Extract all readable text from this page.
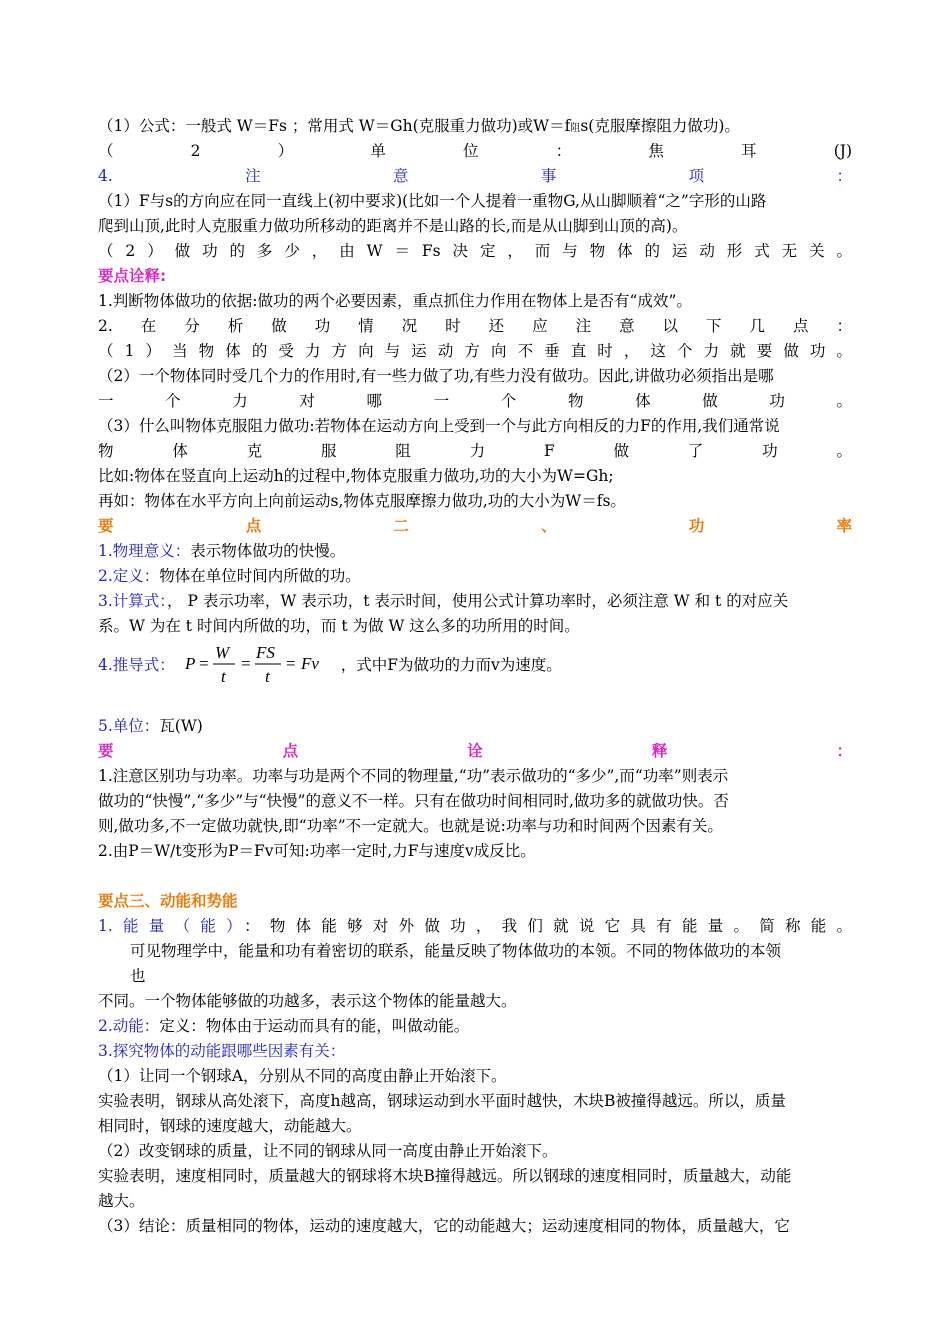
（1）公式：一般式 W＝Fs ；常用式 W＝Gh(克服重力做功)或W＝f阻s(克服摩擦阻力做功)。
（2）单位：焦耳(J)
4.注意事项：
（1）F与s的方向应在同一直线上(初中要求)(比如一个人提着一重物G,从山脚顺着“之”字形的山路
爬到山顶,此时人克服重力做功所移动的距离并不是山路的长,而是从山脚到山顶的高)。
（2）做功的多少，由W＝Fs决定，而与物体的运动形式无关。
要点诠释:
1.判断物体做功的依据:做功的两个必要因素，重点抓住力作用在物体上是否有“成效”。
2.在分析做功情况时还应注意以下几点：
（1）当物体的受力方向与运动方向不垂直时，这个力就要做功。
（2）一个物体同时受几个力的作用时,有一些力做了功,有些力没有做功。因此,讲做功必须指出是哪
一个力对哪一个物体做功。
（3）什么叫物体克服阻力做功:若物体在运动方向上受到一个与此方向相反的力F的作用,我们通常说
物体克服阻力F做了功。
比如:物体在竖直向上运动h的过程中,物体克服重力做功,功的大小为W=Gh;
再如：物体在水平方向上向前运动s,物体克服摩擦力做功,功的大小为W＝fs。
要点二、功率
1.物理意义：表示物体做功的快慢。
2.定义：物体在单位时间内所做的功。
3.计算式：， P 表示功率，W 表示功，t 表示时间，使用公式计算功率时，必须注意 W 和 t 的对应关
系。W 为在 t 时间内所做的功，而 t 为做 W 这么多的功所用的时间。
4.推导式： P =
W
t
=
FS
t
= Fv ，式中F为做功的力而v为速度。
5.单位：瓦(W)
要点诠释：
1.注意区别功与功率。功率与功是两个不同的物理量,“功”表示做功的“多少”,而“功率”则表示
做功的“快慢”,“多少”与“快慢”的意义不一样。只有在做功时间相同时,做功多的就做功快。否
则,做功多,不一定做功就快,即“功率”不一定就大。也就是说:功率与功和时间两个因素有关。
2.由P＝W/t变形为P＝Fv可知:功率一定时,力F与速度v成反比。
要点三、动能和势能
1.能量（能）：物体能够对外做功，我们就说它具有能量。简称能。
可见物理学中，能量和功有着密切的联系，能量反映了物体做功的本领。不同的物体做功的本领
也
不同。一个物体能够做的功越多，表示这个物体的能量越大。
2.动能：定义：物体由于运动而具有的能，叫做动能。
3.探究物体的动能跟哪些因素有关：
（1）让同一个钢球A，分别从不同的高度由静止开始滚下。
实验表明，钢球从高处滚下，高度h越高，钢球运动到水平面时越快，木块B被撞得越远。所以，质量
相同时，钢球的速度越大，动能越大。
（2）改变钢球的质量，让不同的钢球从同一高度由静止开始滚下。
实验表明，速度相同时，质量越大的钢球将木块B撞得越远。所以钢球的速度相同时，质量越大，动能
越大。
（3）结论：质量相同的物体，运动的速度越大，它的动能越大；运动速度相同的物体，质量越大，它
